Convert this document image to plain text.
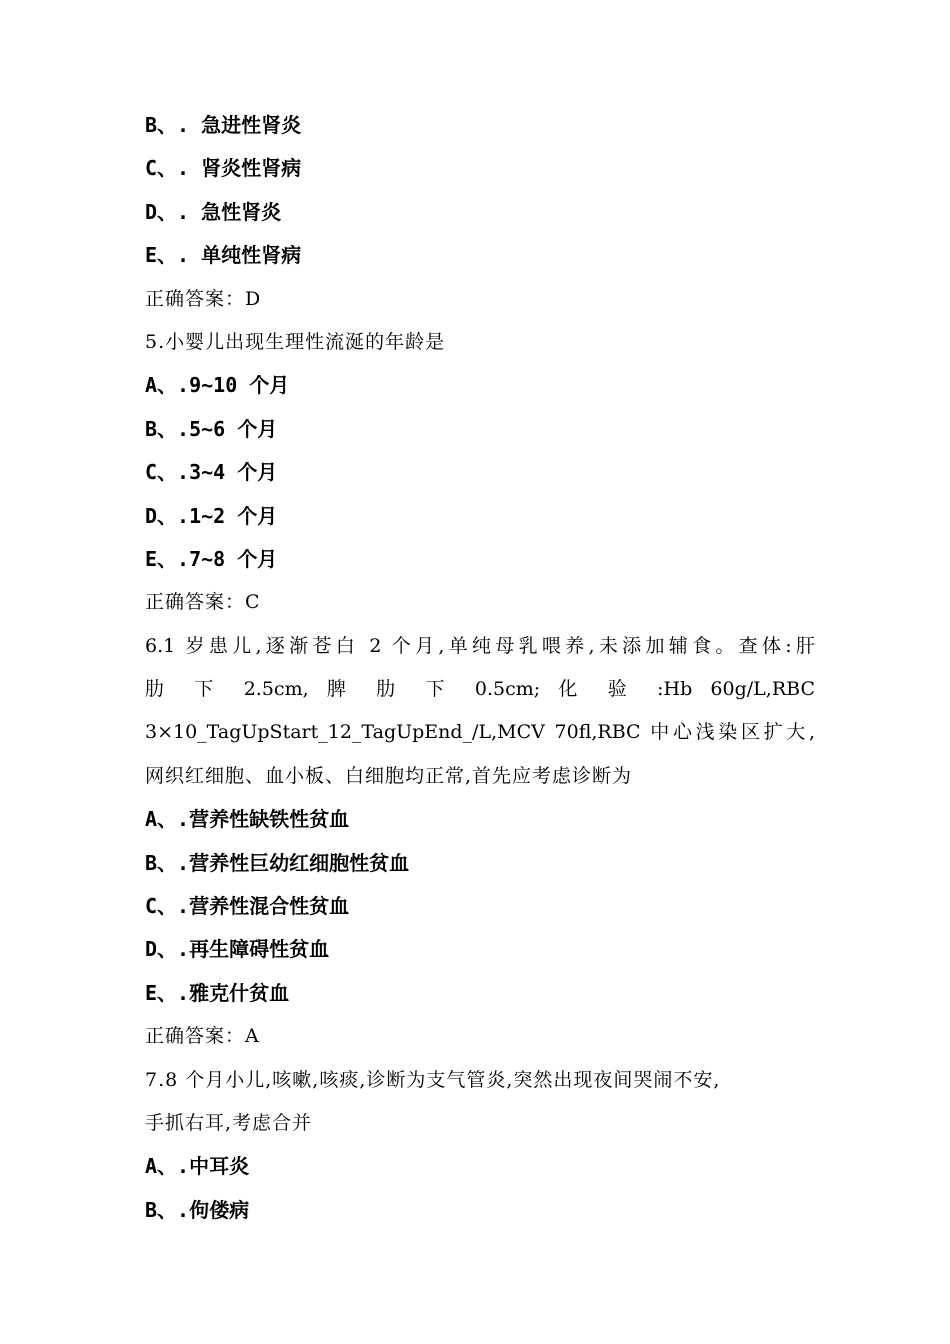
B、. 急进性肾炎
C、. 肾炎性肾病
D、. 急性肾炎
E、. 单纯性肾病
正确答案：D
5.小婴儿出现生理性流涎的年龄是
A、.9~10 个月
B、.5~6 个月
C、.3~4 个月
D、.1~2 个月
E、.7~8 个月
正确答案：C
6.1 岁患儿,逐渐苍白 2 个月,单纯母乳喂养,未添加辅食。查体:肝
肋 下 2.5cm, 脾 肋 下 0.5cm; 化 验 :Hb 60g/L,RBC
3×10_TagUpStart_12_TagUpEnd_/L,MCV 70fl,RBC 中心浅染区扩大,
网织红细胞、血小板、白细胞均正常,首先应考虑诊断为
A、.营养性缺铁性贫血
B、.营养性巨幼红细胞性贫血
C、.营养性混合性贫血
D、.再生障碍性贫血
E、.雅克什贫血
正确答案：A
7.8 个月小儿,咳嗽,咳痰,诊断为支气管炎,突然出现夜间哭闹不安,
手抓右耳,考虑合并
A、.中耳炎
B、.佝偻病
